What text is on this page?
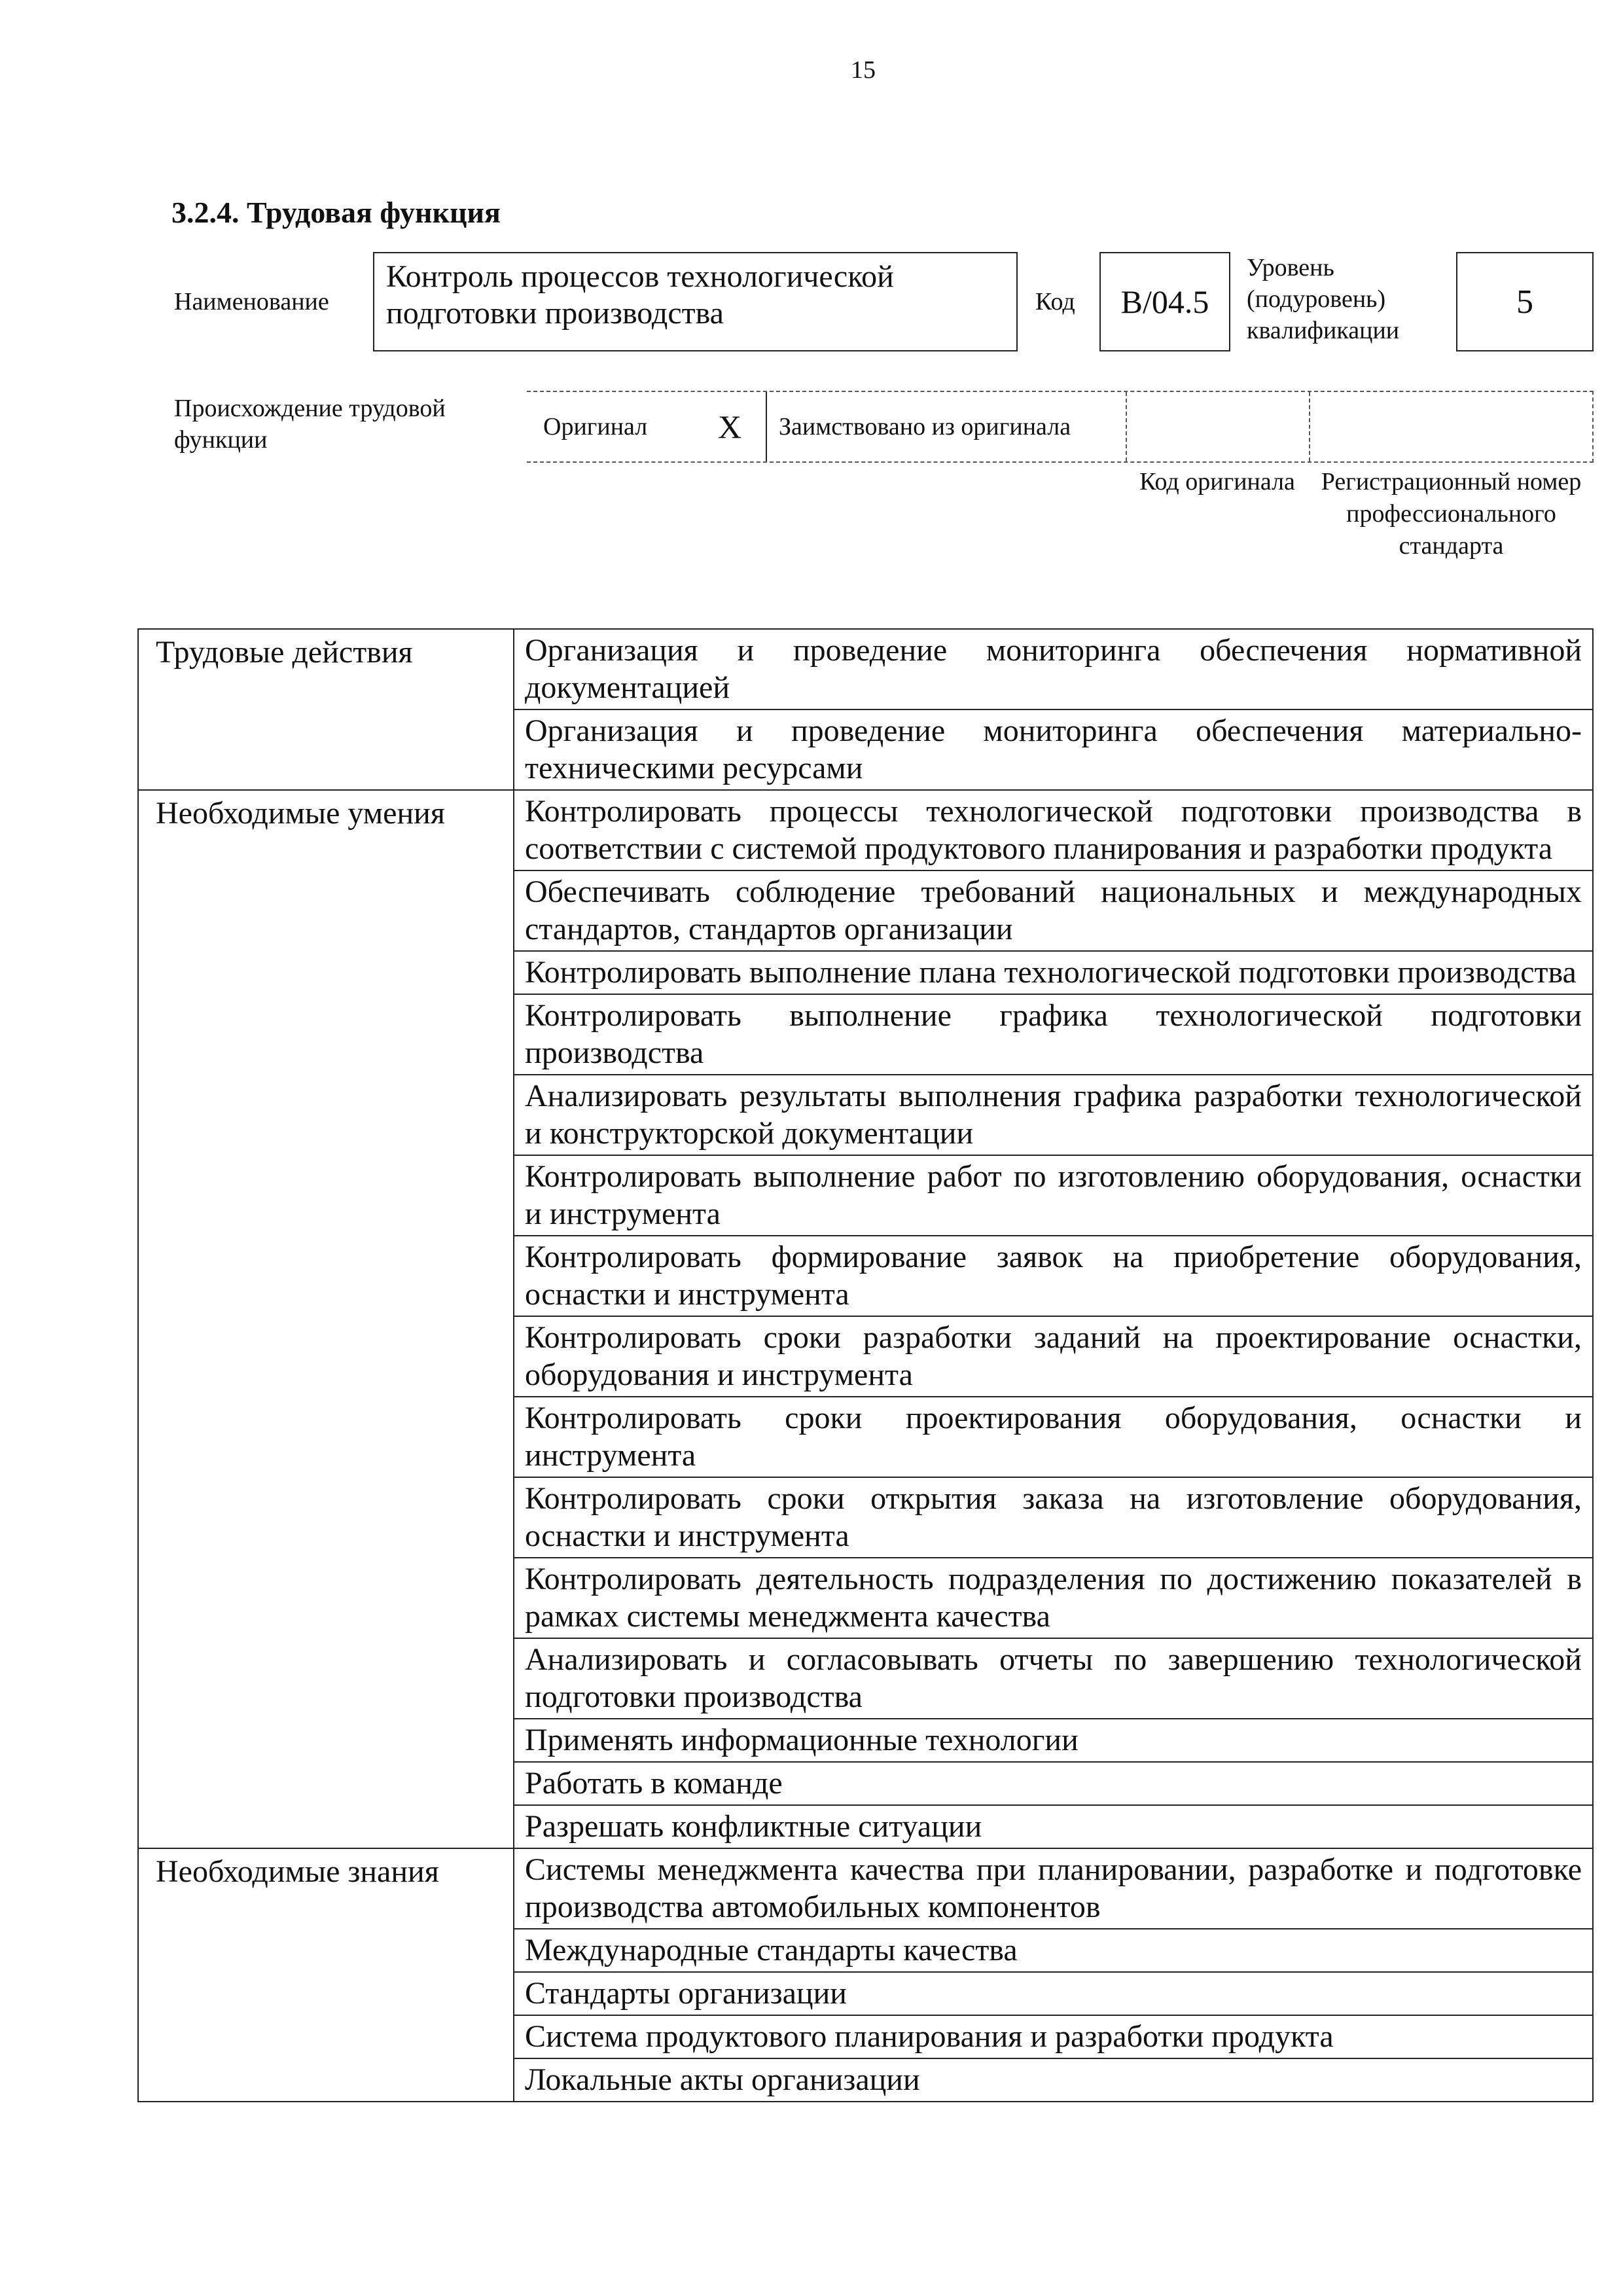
15
3.2.4. Трудовая функция
Наименование
Контроль процессов технологической подготовки производства	Код	B/04.5
Уровень (подуровень) квалификации
5
Происхождение трудовой функции	Оригинал	X	Заимствовано из оригинала
Код оригинала	Регистрационный номер профессионального стандарта
Трудовые действия	Организация и проведение мониторинга обеспечения нормативной документацией
	Организация и проведение мониторинга обеспечения материально-техническими ресурсами
Необходимые умения	Контролировать процессы технологической подготовки производства в соответствии с системой продуктового планирования и разработки продукта
	Обеспечивать соблюдение требований национальных и международных стандартов, стандартов организации
	Контролировать выполнение плана технологической подготовки производства
	Контролировать выполнение графика технологической подготовки производства
	Анализировать результаты выполнения графика разработки технологической и конструкторской документации
	Контролировать выполнение работ по изготовлению оборудования, оснастки и инструмента
	Контролировать формирование заявок на приобретение оборудования, оснастки и инструмента
	Контролировать сроки разработки заданий на проектирование оснастки, оборудования и инструмента
	Контролировать сроки проектирования оборудования, оснастки и инструмента
	Контролировать сроки открытия заказа на изготовление оборудования, оснастки и инструмента
	Контролировать деятельность подразделения по достижению показателей в рамках системы менеджмента качества
	Анализировать и согласовывать отчеты по завершению технологической подготовки производства
	Применять информационные технологии
	Работать в команде
	Разрешать конфликтные ситуации
Необходимые знания	Системы менеджмента качества при планировании, разработке и подготовке производства автомобильных компонентов
	Международные стандарты качества
	Стандарты организации
	Система продуктового планирования и разработки продукта
	Локальные акты организации
